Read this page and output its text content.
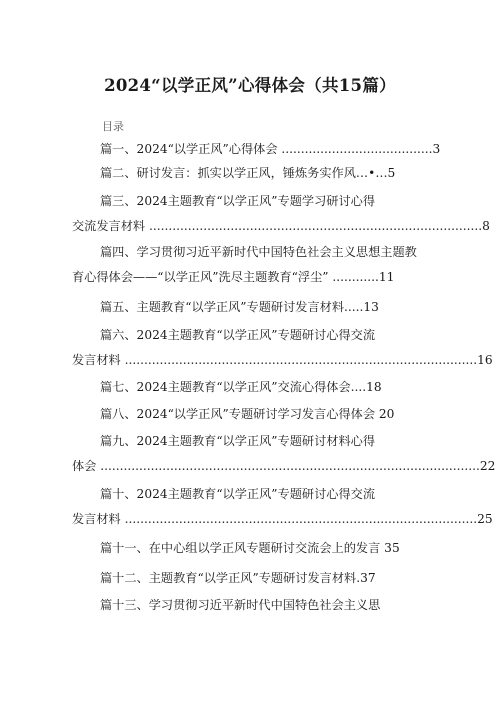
2024“以学正风”心得体会（共15篇）
目录
篇一、2024“以学正风”心得体会 .......................................3
篇二、研讨发言：抓实以学正风，锤炼务实作风…•…5
篇三、2024主题教育“以学正风”专题学习研讨心得
交流发言材料 ......................................................................................8
篇四、学习贯彻习近平新时代中国特色社会主义思想主题教
育心得体会——“以学正风”洗尽主题教育“浮尘” ............11
篇五、主题教育“以学正风”专题研讨发言材料.....13
篇六、2024主题教育“以学正风”专题研讨心得交流
发言材料 ...........................................................................................16
篇七、2024主题教育“以学正风”交流心得体会....18
篇八、2024“以学正风”专题研讨学习发言心得体会 20
篇九、2024主题教育“以学正风”专题研讨材料心得
体会 ..................................................................................................22
篇十、2024主题教育“以学正风”专题研讨心得交流
发言材料 ...........................................................................................25
篇十一、在中心组以学正风专题研讨交流会上的发言 35
篇十二、主题教育“以学正风”专题研讨发言材料.37
篇十三、学习贯彻习近平新时代中国特色社会主义思
